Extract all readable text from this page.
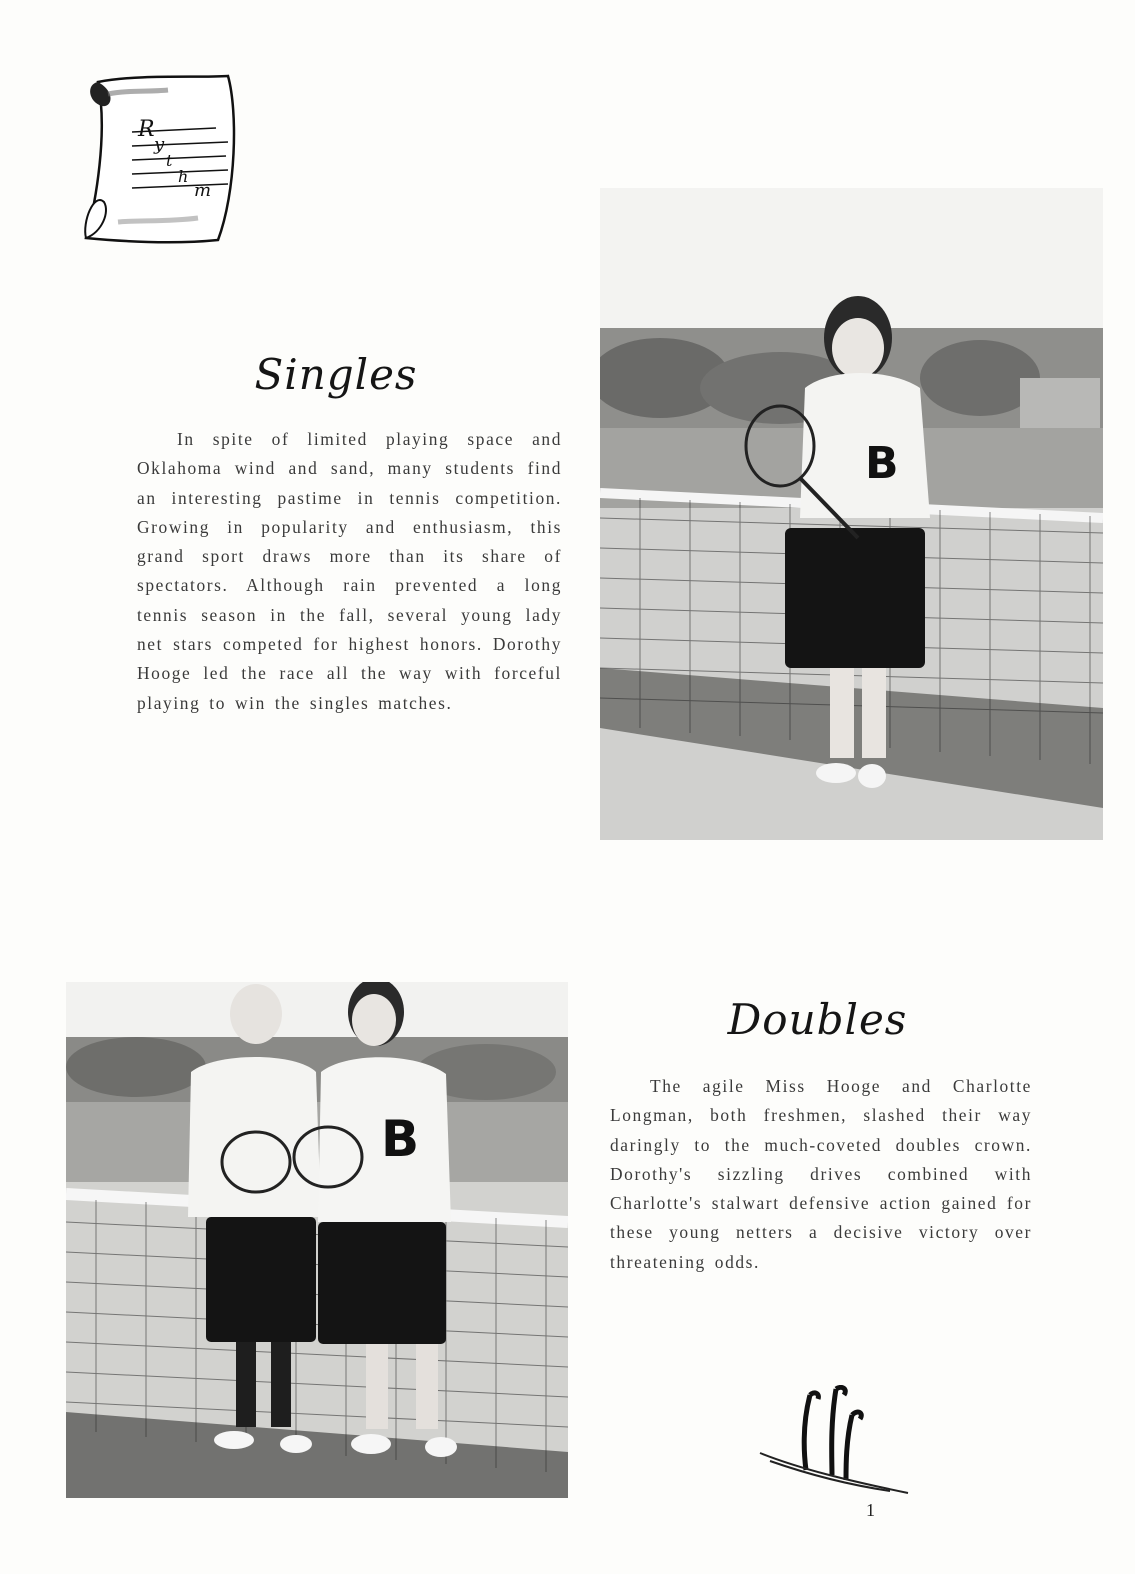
R
y
t
h
m
Singles

In spite of limited playing space and Oklahoma wind and sand, many students find an interesting pastime in tennis competition. Growing in popularity and enthusiasm, this grand sport draws more than its share of spectators. Although rain prevented a long tennis season in the fall, several young lady net stars competed for highest honors. Dorothy Hooge led the race all the way with forceful playing to win the singles matches.

B
B
Doubles

The agile Miss Hooge and Charlotte Longman, both freshmen, slashed their way daringly to the much-coveted doubles crown. Dorothy's sizzling drives combined with Charlotte's stalwart defensive action gained for these young netters a decisive victory over threatening odds.

1
